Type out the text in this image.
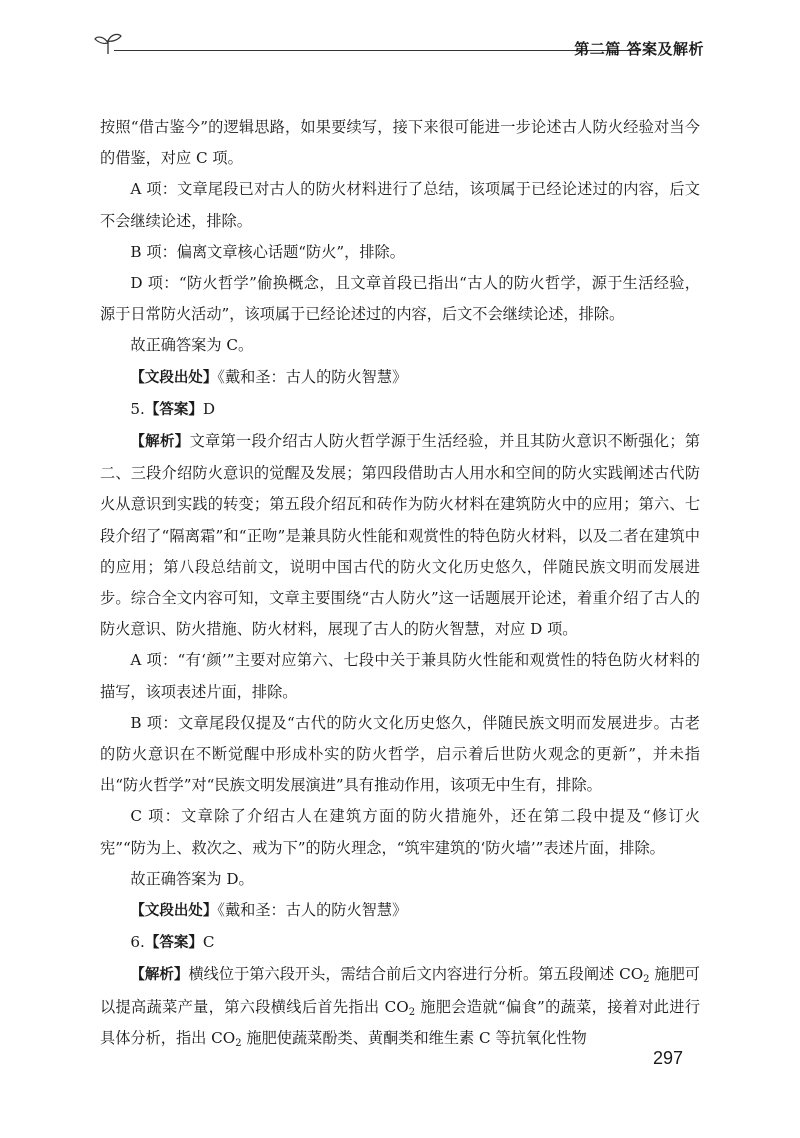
第二篇 答案及解析

按照“借古鉴今”的逻辑思路，如果要续写，接下来很可能进一步论述古人防火经验对当今的借鉴，对应 C 项。

A 项：文章尾段已对古人的防火材料进行了总结，该项属于已经论述过的内容，后文不会继续论述，排除。

B 项：偏离文章核心话题“防火”，排除。

D 项：“防火哲学”偷换概念，且文章首段已指出“古人的防火哲学，源于生活经验，源于日常防火活动”，该项属于已经论述过的内容，后文不会继续论述，排除。

故正确答案为 C。

【文段出处】《戴和圣：古人的防火智慧》

5.【答案】D

【解析】文章第一段介绍古人防火哲学源于生活经验，并且其防火意识不断强化；第二、三段介绍防火意识的觉醒及发展；第四段借助古人用水和空间的防火实践阐述古代防火从意识到实践的转变；第五段介绍瓦和砖作为防火材料在建筑防火中的应用；第六、七段介绍了“隔离霜”和“正吻”是兼具防火性能和观赏性的特色防火材料，以及二者在建筑中的应用；第八段总结前文，说明中国古代的防火文化历史悠久，伴随民族文明而发展进步。综合全文内容可知，文章主要围绕“古人防火”这一话题展开论述，着重介绍了古人的防火意识、防火措施、防火材料，展现了古人的防火智慧，对应 D 项。

A 项：“有‘颜’”主要对应第六、七段中关于兼具防火性能和观赏性的特色防火材料的描写，该项表述片面，排除。

B 项：文章尾段仅提及“古代的防火文化历史悠久，伴随民族文明而发展进步。古老的防火意识在不断觉醒中形成朴实的防火哲学，启示着后世防火观念的更新”，并未指出“防火哲学”对“民族文明发展演进”具有推动作用，该项无中生有，排除。

C 项：文章除了介绍古人在建筑方面的防火措施外，还在第二段中提及“修订火宪”“防为上、救次之、戒为下”的防火理念，“筑牢建筑的‘防火墙’”表述片面，排除。

故正确答案为 D。

【文段出处】《戴和圣：古人的防火智慧》

6.【答案】C

【解析】横线位于第六段开头，需结合前后文内容进行分析。第五段阐述 $CO_2$ 施肥可以提高蔬菜产量，第六段横线后首先指出 $CO_2$ 施肥会造就“偏食”的蔬菜，接着对此进行具体分析，指出 $CO_2$ 施肥使蔬菜酚类、黄酮类和维生素 C 等抗氧化性物

297
